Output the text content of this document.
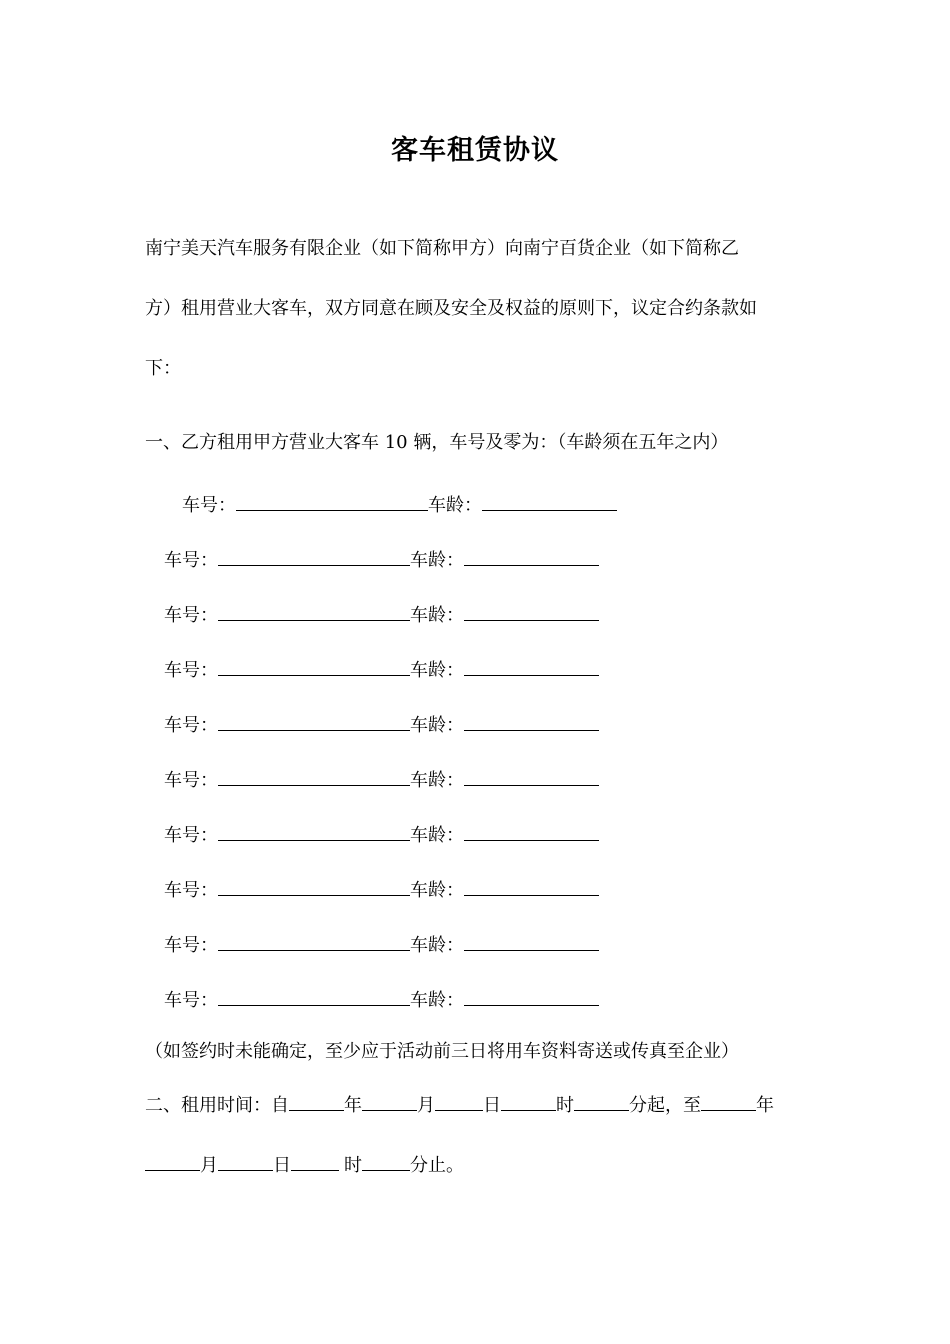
客车租赁协议
南宁美天汽车服务有限企业（如下简称甲方）向南宁百货企业（如下简称乙
方）租用营业大客车，双方同意在顾及安全及权益的原则下，议定合约条款如
下：
一、乙方租用甲方营业大客车 10 辆，车号及零为：（车龄须在五年之内）
车号：	车龄：
车号：	车龄：
车号：	车龄：
车号：	车龄：
车号：	车龄：
车号：	车龄：
车号：	车龄：
车号：	车龄：
车号：	车龄：
车号：	车龄：
（如签约时未能确定，至少应于活动前三日将用车资料寄送或传真至企业）
二、租用时间：自	年	月	日	时	分起，至	年
月	日	时	分止。
